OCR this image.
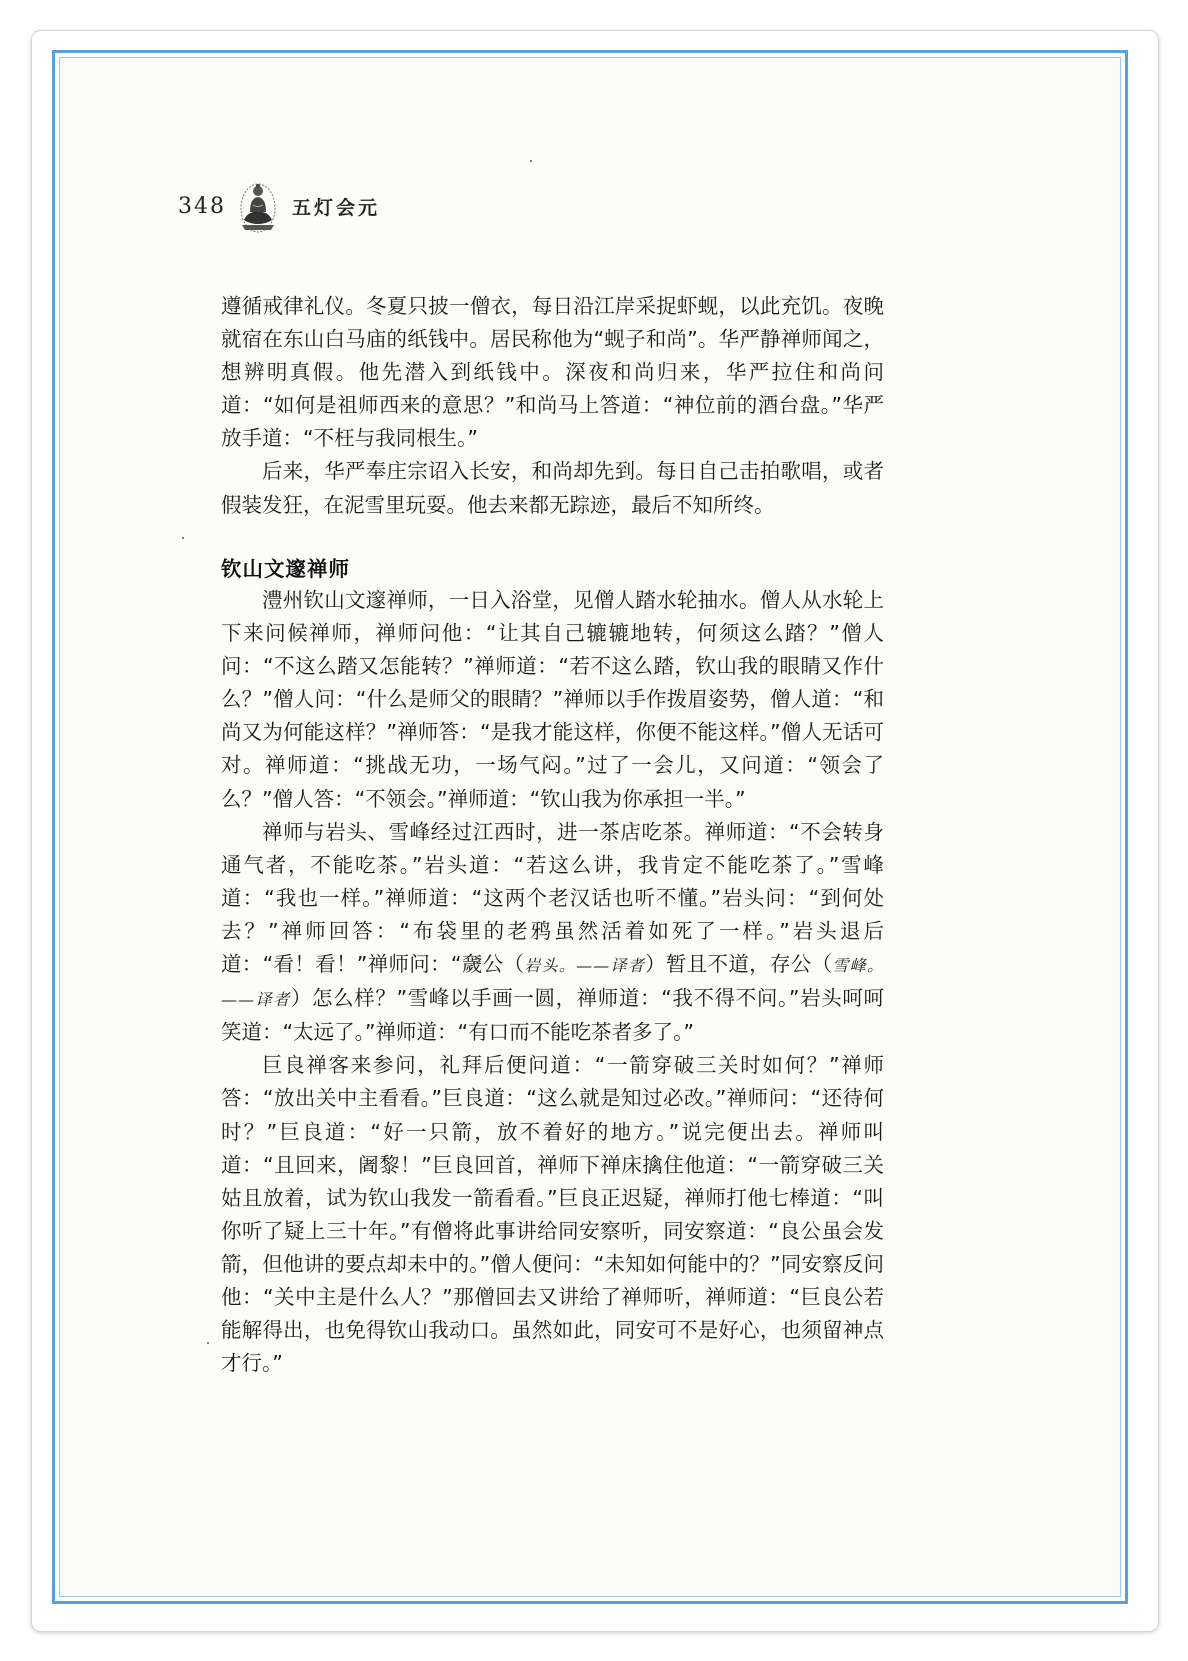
348	五灯会元

遵循戒律礼仪。冬夏只披一僧衣，每日沿江岸采捉虾蚬，以此充饥。夜晚就宿在东山白马庙的纸钱中。居民称他为“蚬子和尚”。华严静禅师闻之，想辨明真假。他先潜入到纸钱中。深夜和尚归来，华严拉住和尚问道：“如何是祖师西来的意思？”和尚马上答道：“神位前的酒台盘。”华严放手道：“不枉与我同根生。”

后来，华严奉庄宗诏入长安，和尚却先到。每日自己击拍歌唱，或者假装发狂，在泥雪里玩耍。他去来都无踪迹，最后不知所终。

钦山文邃禅师

澧州钦山文邃禅师，一日入浴堂，见僧人踏水轮抽水。僧人从水轮上下来问候禅师，禅师问他：“让其自己辘辘地转，何须这么踏？”僧人问：“不这么踏又怎能转？”禅师道：“若不这么踏，钦山我的眼睛又作什么？”僧人问：“什么是师父的眼睛？”禅师以手作拨眉姿势，僧人道：“和尚又为何能这样？”禅师答：“是我才能这样，你便不能这样。”僧人无话可对。禅师道：“挑战无功，一场气闷。”过了一会儿，又问道：“领会了么？”僧人答：“不领会。”禅师道：“钦山我为你承担一半。”

禅师与岩头、雪峰经过江西时，进一茶店吃茶。禅师道：“不会转身通气者，不能吃茶。”岩头道：“若这么讲，我肯定不能吃茶了。”雪峰道：“我也一样。”禅师道：“这两个老汉话也听不懂。”岩头问：“到何处去？”禅师回答：“布袋里的老鸦虽然活着如死了一样。”岩头退后道：“看！看！”禅师问：“奯公（岩头。——译者）暂且不道，存公（雪峰。——译者）怎么样？”雪峰以手画一圆，禅师道：“我不得不问。”岩头呵呵笑道：“太远了。”禅师道：“有口而不能吃茶者多了。”

巨良禅客来参问，礼拜后便问道：“一箭穿破三关时如何？”禅师答：“放出关中主看看。”巨良道：“这么就是知过必改。”禅师问：“还待何时？”巨良道：“好一只箭，放不着好的地方。”说完便出去。禅师叫道：“且回来，阇黎！”巨良回首，禅师下禅床擒住他道：“一箭穿破三关姑且放着，试为钦山我发一箭看看。”巨良正迟疑，禅师打他七棒道：“叫你听了疑上三十年。”有僧将此事讲给同安察听，同安察道：“良公虽会发箭，但他讲的要点却未中的。”僧人便问：“未知如何能中的？”同安察反问他：“关中主是什么人？”那僧回去又讲给了禅师听，禅师道：“巨良公若能解得出，也免得钦山我动口。虽然如此，同安可不是好心，也须留神点才行。”
